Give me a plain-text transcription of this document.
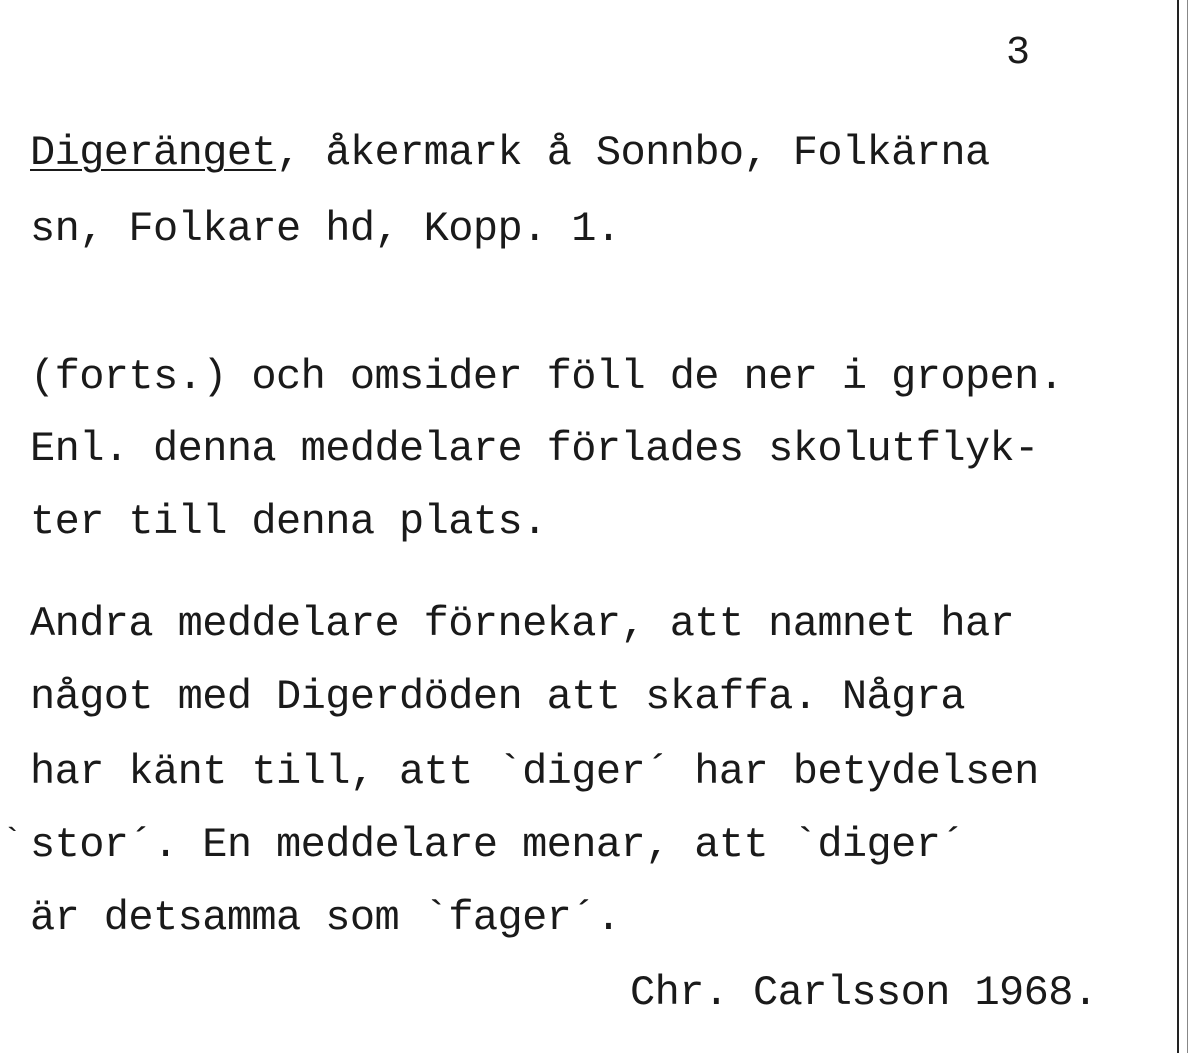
3
Digeränget, åkermark å Sonnbo, Folkärna
sn, Folkare hd, Kopp. 1.
(forts.) och omsider föll de ner i gropen.
Enl. denna meddelare förlades skolutflyk-
ter till denna plats.
Andra meddelare förnekar, att namnet har
något med Digerdöden att skaffa. Några
har känt till, att `diger´ har betydelsen
` stor´. En meddelare menar, att `diger´
är detsamma som `fager´.
Chr. Carlsson 1968.
